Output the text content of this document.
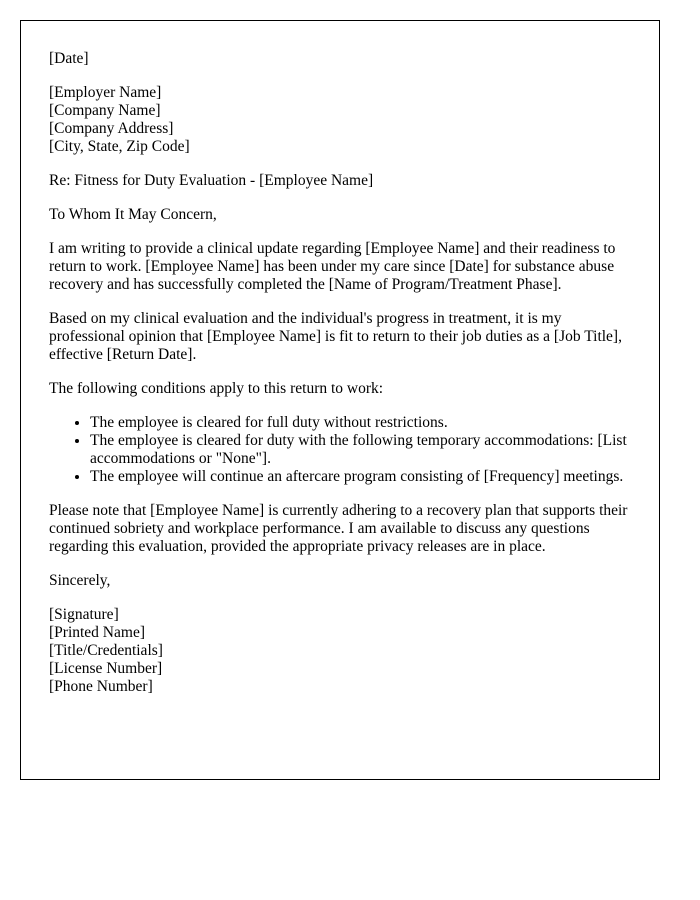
[Date]
[Employer Name]
[Company Name]
[Company Address]
[City, State, Zip Code]
Re: Fitness for Duty Evaluation - [Employee Name]
To Whom It May Concern,

I am writing to provide a clinical update regarding [Employee Name] and their readiness to return to work. [Employee Name] has been under my care since [Date] for substance abuse recovery and has successfully completed the [Name of Program/Treatment Phase].

Based on my clinical evaluation and the individual's progress in treatment, it is my professional opinion that [Employee Name] is fit to return to their job duties as a [Job Title], effective [Return Date].

The following conditions apply to this return to work:
• The employee is cleared for full duty without restrictions.
• The employee is cleared for duty with the following temporary accommodations: [List accommodations or "None"].
• The employee will continue an aftercare program consisting of [Frequency] meetings.

Please note that [Employee Name] is currently adhering to a recovery plan that supports their continued sobriety and workplace performance. I am available to discuss any questions regarding this evaluation, provided the appropriate privacy releases are in place.

Sincerely,
[Signature]
[Printed Name]
[Title/Credentials]
[License Number]
[Phone Number]
